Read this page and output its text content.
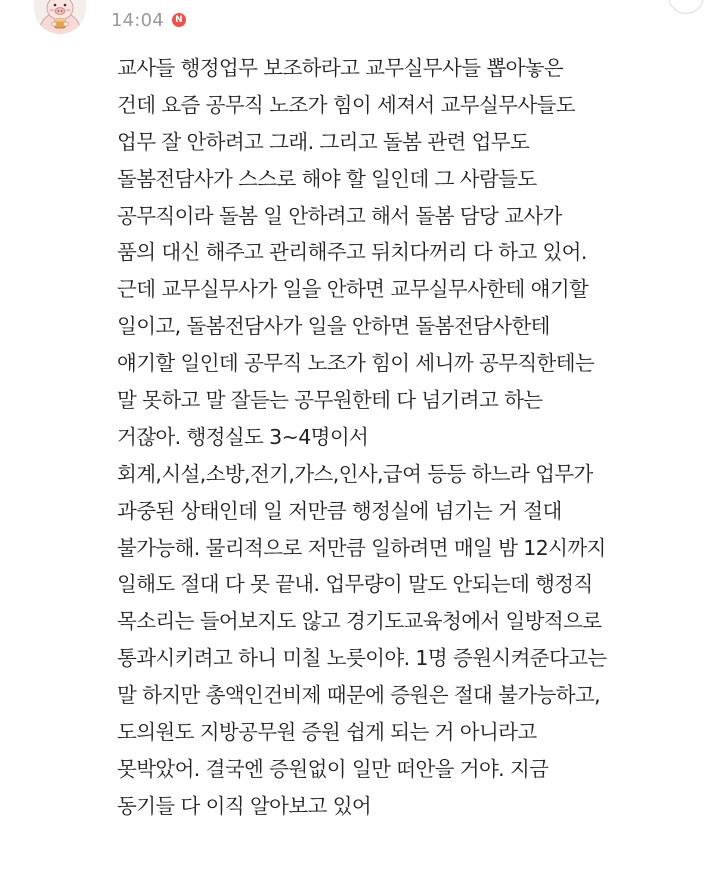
14:04	N
교사들 행정업무 보조하라고 교무실무사들 뽑아놓은
건데 요즘 공무직 노조가 힘이 세져서 교무실무사들도
업무 잘 안하려고 그래. 그리고 돌봄 관련 업무도
돌봄전담사가 스스로 해야 할 일인데 그 사람들도
공무직이라 돌봄 일 안하려고 해서 돌봄 담당 교사가
품의 대신 해주고 관리해주고 뒤치다꺼리 다 하고 있어.
근데 교무실무사가 일을 안하면 교무실무사한테 얘기할
일이고, 돌봄전담사가 일을 안하면 돌봄전담사한테
얘기할 일인데 공무직 노조가 힘이 세니까 공무직한테는
말 못하고 말 잘듣는 공무원한테 다 넘기려고 하는
거잖아. 행정실도 3~4명이서
회계,시설,소방,전기,가스,인사,급여 등등 하느라 업무가
과중된 상태인데 일 저만큼 행정실에 넘기는 거 절대
불가능해. 물리적으로 저만큼 일하려면 매일 밤 12시까지
일해도 절대 다 못 끝내. 업무량이 말도 안되는데 행정직
목소리는 들어보지도 않고 경기도교육청에서 일방적으로
통과시키려고 하니 미칠 노릇이야. 1명 증원시켜준다고는
말 하지만 총액인건비제 때문에 증원은 절대 불가능하고,
도의원도 지방공무원 증원 쉽게 되는 거 아니라고
못박았어. 결국엔 증원없이 일만 떠안을 거야. 지금
동기들 다 이직 알아보고 있어
